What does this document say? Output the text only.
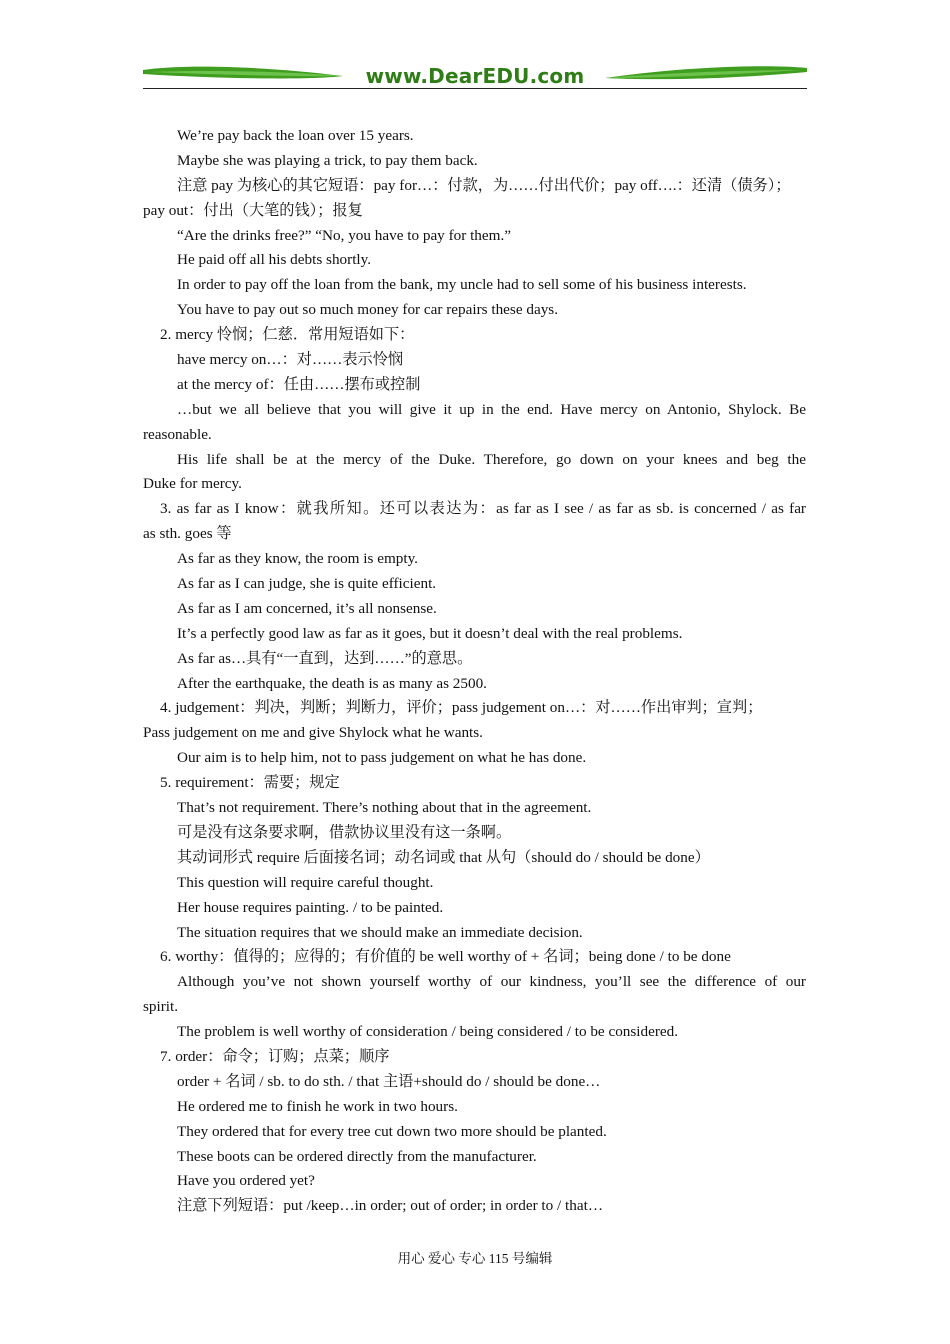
www.DearEDU.com
We’re pay back the loan over 15 years.
Maybe she was playing a trick, to pay them back.
注意 pay 为核心的其它短语：pay for…：付款，为……付出代价；pay off….：还清（债务）；
pay out：付出（大笔的钱）；报复
“Are the drinks free?” “No, you have to pay for them.”
He paid off all his debts shortly.
In order to pay off the loan from the bank, my uncle had to sell some of his business interests.
You have to pay out so much money for car repairs these days.
2. mercy 怜悯；仁慈．常用短语如下：
have mercy on…：对……表示怜悯
at the mercy of：任由……摆布或控制
…but we all believe that you will give it up in the end. Have mercy on Antonio, Shylock. Be
reasonable.
His life shall be at the mercy of the Duke. Therefore, go down on your knees and beg the
Duke for mercy.
3. as far as I know：就我所知。还可以表达为：as far as I see / as far as sb. is concerned / as far
as sth. goes 等
As far as they know, the room is empty.
As far as I can judge, she is quite efficient.
As far as I am concerned, it’s all nonsense.
It’s a perfectly good law as far as it goes, but it doesn’t deal with the real problems.
As far as…具有“一直到，达到……”的意思。
After the earthquake, the death is as many as 2500.
4. judgement：判决，判断；判断力，评价；pass judgement on…：对……作出审判；宣判；
Pass judgement on me and give Shylock what he wants.
Our aim is to help him, not to pass judgement on what he has done.
5. requirement：需要；规定
That’s not requirement. There’s nothing about that in the agreement.
可是没有这条要求啊，借款协议里没有这一条啊。
其动词形式 require 后面接名词；动名词或 that 从句（should do / should be done）
This question will require careful thought.
Her house requires painting. / to be painted.
The situation requires that we should make an immediate decision.
6. worthy：值得的；应得的；有价值的 be well worthy of + 名词；being done / to be done
Although you’ve not shown yourself worthy of our kindness, you’ll see the difference of our
spirit.
The problem is well worthy of consideration / being considered / to be considered.
7. order：命令；订购；点菜；顺序
order + 名词 / sb. to do sth. / that 主语+should do / should be done…
He ordered me to finish he work in two hours.
They ordered that for every tree cut down two more should be planted.
These boots can be ordered directly from the manufacturer.
Have you ordered yet?
注意下列短语：put /keep…in order; out of order; in order to / that…
用心 爱心 专心 115 号编辑
